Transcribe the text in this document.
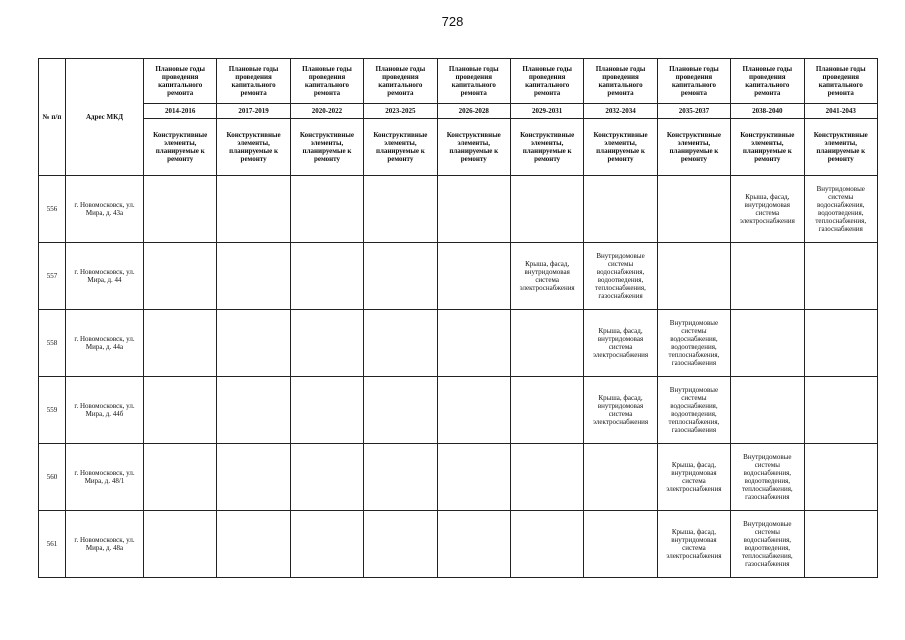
728
№ п/п	Адрес МКД	Плановые годы проведения капитального ремонта	Плановые годы проведения капитального ремонта	Плановые годы проведения капитального ремонта	Плановые годы проведения капитального ремонта	Плановые годы проведения капитального ремонта	Плановые годы проведения капитального ремонта	Плановые годы проведения капитального ремонта	Плановые годы проведения капитального ремонта	Плановые годы проведения капитального ремонта	Плановые годы проведения капитального ремонта
		2014-2016	2017-2019	2020-2022	2023-2025	2026-2028	2029-2031	2032-2034	2035-2037	2038-2040	2041-2043
		Конструктивные элементы, планируемые к ремонту	Конструктивные элементы, планируемые к ремонту	Конструктивные элементы, планируемые к ремонту	Конструктивные элементы, планируемые к ремонту	Конструктивные элементы, планируемые к ремонту	Конструктивные элементы, планируемые к ремонту	Конструктивные элементы, планируемые к ремонту	Конструктивные элементы, планируемые к ремонту	Конструктивные элементы, планируемые к ремонту	Конструктивные элементы, планируемые к ремонту
556	г. Новомосковск, ул. Мира, д. 43а									Крыша, фасад, внутридомовая система электроснабжения	Внутридомовые системы водоснабжения, водоотведения, теплоснабжения, газоснабжения
557	г. Новомосковск, ул. Мира, д. 44						Крыша, фасад, внутридомовая система электроснабжения	Внутридомовые системы водоснабжения, водоотведения, теплоснабжения, газоснабжения			
558	г. Новомосковск, ул. Мира, д. 44а							Крыша, фасад, внутридомовая система электроснабжения	Внутридомовые системы водоснабжения, водоотведения, теплоснабжения, газоснабжения		
559	г. Новомосковск, ул. Мира, д. 44б							Крыша, фасад, внутридомовая система электроснабжения	Внутридомовые системы водоснабжения, водоотведения, теплоснабжения, газоснабжения		
560	г. Новомосковск, ул. Мира, д. 48/1								Крыша, фасад, внутридомовая система электроснабжения	Внутридомовые системы водоснабжения, водоотведения, теплоснабжения, газоснабжения	
561	г. Новомосковск, ул. Мира, д. 48а								Крыша, фасад, внутридомовая система электроснабжения	Внутридомовые системы водоснабжения, водоотведения, теплоснабжения, газоснабжения	
